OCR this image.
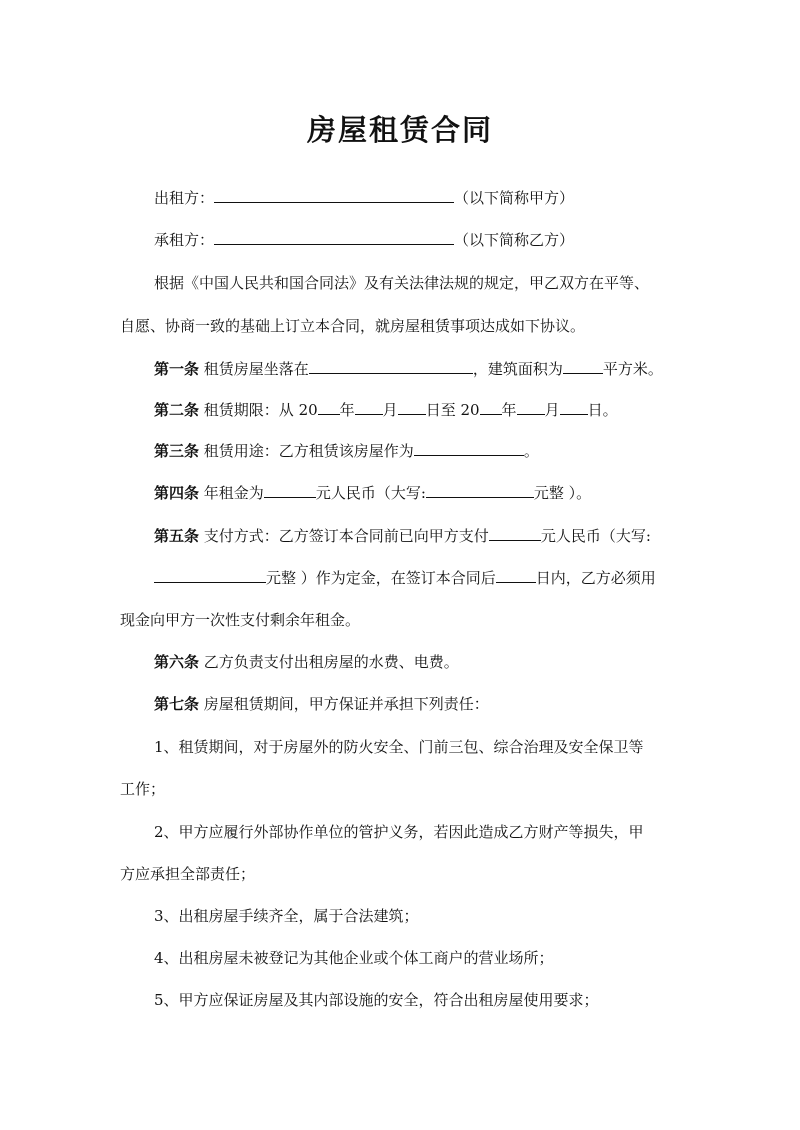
房屋租赁合同
出租方：	（以下简称甲方）
承租方：	（以下简称乙方）
根据《中国人民共和国合同法》及有关法律法规的规定，甲乙双方在平等、
自愿、协商一致的基础上订立本合同，就房屋租赁事项达成如下协议。
第一条 租赁房屋坐落在	，建筑面积为	平方米。
第二条 租赁期限：从 20 年 月 日至 20 年 月 日。
第三条 租赁用途：乙方租赁该房屋作为	。
第四条 年租金为	元人民币（大写:	元整 ）。
第五条 支付方式：乙方签订本合同前已向甲方支付	元人民币（大写:
元整 ）作为定金，在签订本合同后	日内，乙方必须用
现金向甲方一次性支付剩余年租金。
第六条 乙方负责支付出租房屋的水费、电费。
第七条 房屋租赁期间，甲方保证并承担下列责任：
1、租赁期间，对于房屋外的防火安全、门前三包、综合治理及安全保卫等
工作；
2、甲方应履行外部协作单位的管护义务，若因此造成乙方财产等损失，甲
方应承担全部责任；
3、出租房屋手续齐全，属于合法建筑；
4、出租房屋未被登记为其他企业或个体工商户的营业场所；
5、甲方应保证房屋及其内部设施的安全，符合出租房屋使用要求；
